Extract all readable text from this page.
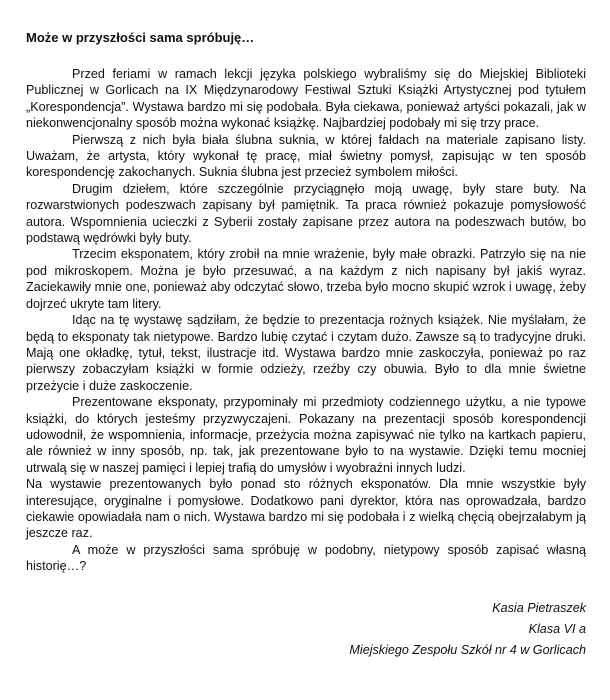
Może w przyszłości sama spróbuję…

Przed feriami w ramach lekcji języka polskiego wybraliśmy się do Miejskiej Biblioteki Publicznej w Gorlicach na IX Międzynarodowy Festiwal Sztuki Książki Artystycznej pod tytułem „Korespondencja”. Wystawa bardzo mi się podobała. Była ciekawa, ponieważ artyści pokazali, jak w niekonwencjonalny sposób można wykonać książkę. Najbardziej podobały mi się trzy prace.

Pierwszą z nich była biała ślubna suknia, w której fałdach na materiale zapisano listy. Uważam, że artysta, który wykonał tę pracę, miał świetny pomysł, zapisując w ten sposób korespondencję zakochanych. Suknia ślubna jest przecież symbolem miłości.

Drugim dziełem, które szczególnie przyciągnęło moją uwagę, były stare buty. Na rozwarstwionych podeszwach zapisany był pamiętnik. Ta praca również pokazuje pomysłowość autora. Wspomnienia ucieczki z Syberii zostały zapisane przez autora na podeszwach butów, bo podstawą wędrówki były buty.

Trzecim eksponatem, który zrobił na mnie wrażenie, były małe obrazki. Patrzyło się na nie pod mikroskopem. Można je było przesuwać, a na każdym z nich napisany był jakiś wyraz. Zaciekawiły mnie one, ponieważ aby odczytać słowo, trzeba było mocno skupić wzrok i uwagę, żeby dojrzeć ukryte tam litery.

Idąc na tę wystawę sądziłam, że będzie to prezentacja rożnych książek. Nie myślałam, że będą to eksponaty tak nietypowe. Bardzo lubię czytać i czytam dużo. Zawsze są to tradycyjne druki. Mają one okładkę, tytuł, tekst, ilustracje itd. Wystawa bardzo mnie zaskoczyła, ponieważ po raz pierwszy zobaczyłam książki w formie odzieży, rzeźby czy obuwia. Było to dla mnie świetne przeżycie i duże zaskoczenie.

Prezentowane eksponaty, przypominały mi przedmioty codziennego użytku, a nie typowe książki, do których jesteśmy przyzwyczajeni. Pokazany na prezentacji sposób korespondencji udowodnił, że wspomnienia, informacje, przeżycia można zapisywać nie tylko na kartkach papieru, ale również w inny sposób, np. tak, jak prezentowane było to na wystawie. Dzięki temu mocniej utrwalą się w naszej pamięci i lepiej trafią do umysłów i wyobraźni innych ludzi.

Na wystawie prezentowanych było ponad sto różnych eksponatów. Dla mnie wszystkie były interesujące, oryginalne i pomysłowe. Dodatkowo pani dyrektor, która nas oprowadzała, bardzo ciekawie opowiadała nam o nich. Wystawa bardzo mi się podobała i z wielką chęcią obejrzałabym ją jeszcze raz.

A może w przyszłości sama spróbuję w podobny, nietypowy sposób zapisać własną historię…?

Kasia Pietraszek
Klasa VI a
Miejskiego Zespołu Szkół nr 4 w Gorlicach
